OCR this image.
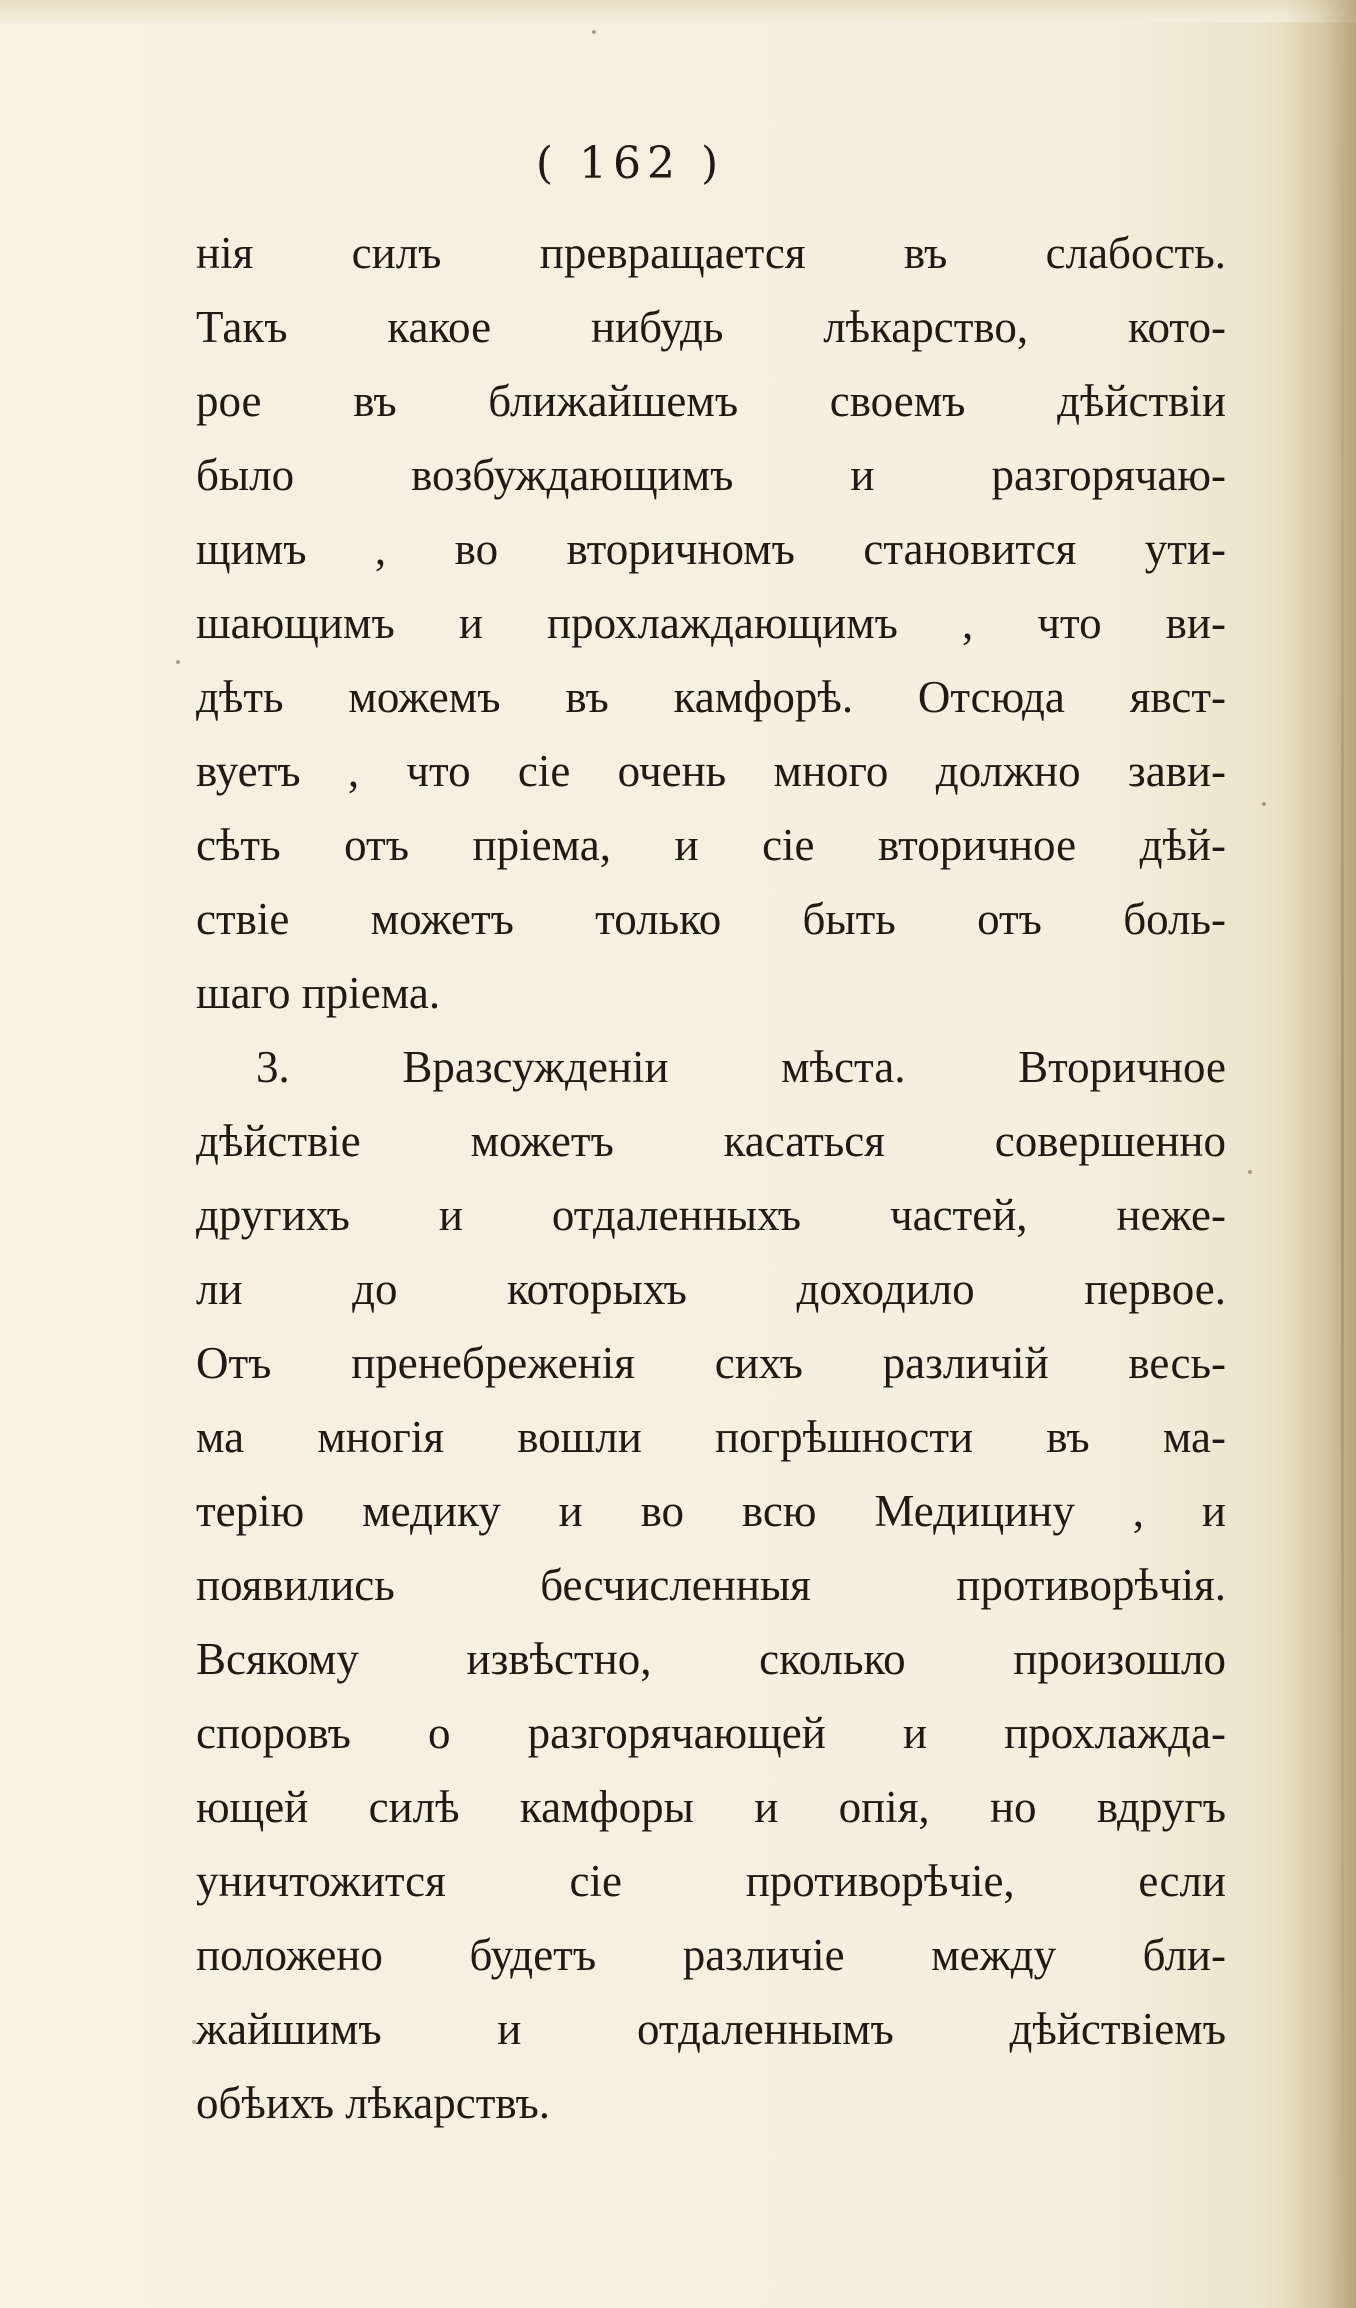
( 162 )
нія силъ превращается въ слабость.
Такъ какое нибудь лѣкарство, кото-
рое въ ближайшемъ своемъ дѣйствіи
было возбуждающимъ и разгорячаю-
щимъ , во вторичномъ становится ути-
шающимъ и прохлаждающимъ , что ви-
дѣть можемъ въ камфорѣ. Отсюда явст-
вуетъ , что сіе очень много должно зави-
сѣть отъ пріема, и сіе вторичное дѣй-
ствіе можетъ только быть отъ боль-
шаго пріема.
3. Вразсужденіи мѣста. Вторичное
дѣйствіе можетъ касаться совершенно
другихъ и отдаленныхъ частей, неже-
ли до которыхъ доходило первое.
Отъ пренебреженія сихъ различій весь-
ма многія вошли погрѣшности въ ма-
терію медику и во всю Медицину , и
появились бесчисленныя противорѣчія.
Всякому извѣстно, сколько произошло
споровъ о разгорячающей и прохлажда-
ющей силѣ камфоры и опія, но вдругъ
уничтожится сіе противорѣчіе, если
положено будетъ различіе между бли-
жайшимъ и отдаленнымъ дѣйствіемъ
обѣихъ лѣкарствъ.
